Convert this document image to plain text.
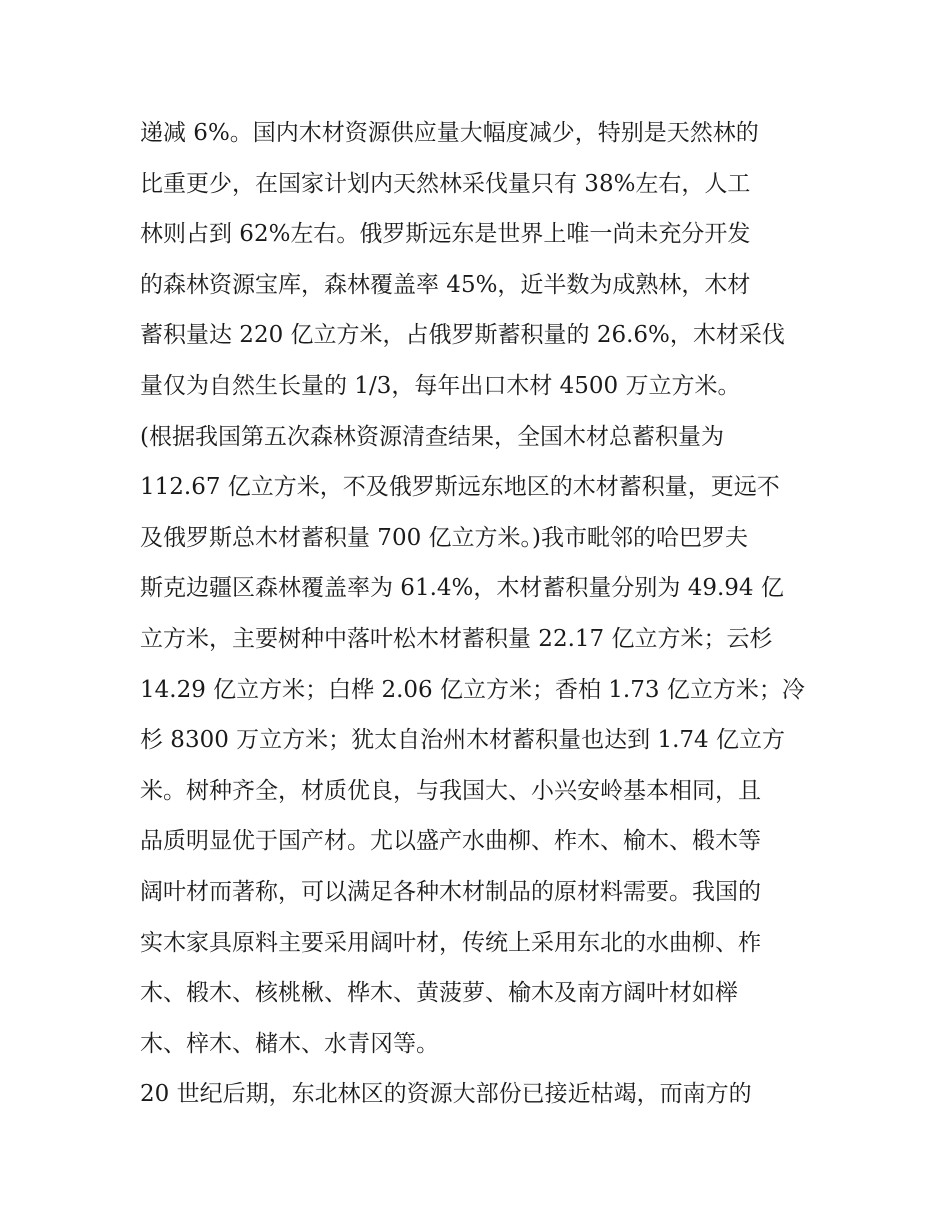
递减 6%。国内木材资源供应量大幅度减少，特别是天然林的
比重更少，在国家计划内天然林采伐量只有 38%左右，人工
林则占到 62%左右。俄罗斯远东是世界上唯一尚未充分开发
的森林资源宝库，森林覆盖率 45%，近半数为成熟林，木材
蓄积量达 220 亿立方米，占俄罗斯蓄积量的 26.6%，木材采伐
量仅为自然生长量的 1/3，每年出口木材 4500 万立方米。
(根据我国第五次森林资源清查结果，全国木材总蓄积量为
112.67 亿立方米，不及俄罗斯远东地区的木材蓄积量，更远不
及俄罗斯总木材蓄积量 700 亿立方米。)我市毗邻的哈巴罗夫
斯克边疆区森林覆盖率为 61.4%，木材蓄积量分别为 49.94 亿
立方米，主要树种中落叶松木材蓄积量 22.17 亿立方米；云杉
14.29 亿立方米；白桦 2.06 亿立方米；香柏 1.73 亿立方米；冷
杉 8300 万立方米；犹太自治州木材蓄积量也达到 1.74 亿立方
米。树种齐全，材质优良，与我国大、小兴安岭基本相同，且
品质明显优于国产材。尤以盛产水曲柳、柞木、榆木、椴木等
阔叶材而著称，可以满足各种木材制品的原材料需要。我国的
实木家具原料主要采用阔叶材，传统上采用东北的水曲柳、柞
木、椴木、核桃楸、桦木、黄菠萝、榆木及南方阔叶材如榉
木、梓木、槠木、水青冈等。
20 世纪后期，东北林区的资源大部份已接近枯竭，而南方的
